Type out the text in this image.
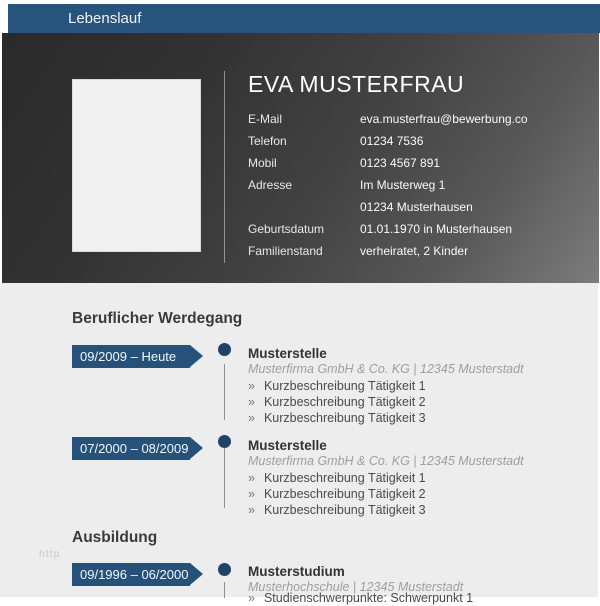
Lebenslauf
EVA MUSTERFRAU
E-Mail	eva.musterfrau@bewerbung.co
Telefon	01234 7536
Mobil	0123 4567 891
Adresse	Im Musterweg 1
01234 Musterhausen
Geburtsdatum	01.01.1970 in Musterhausen
Familienstand	verheiratet, 2 Kinder
Beruflicher Werdegang
09/2009 – Heute	Musterstelle
Musterfirma GmbH & Co. KG | 12345 Musterstadt
» Kurzbeschreibung Tätigkeit 1
» Kurzbeschreibung Tätigkeit 2
» Kurzbeschreibung Tätigkeit 3
07/2000 – 08/2009	Musterstelle
Musterfirma GmbH & Co. KG | 12345 Musterstadt
» Kurzbeschreibung Tätigkeit 1
» Kurzbeschreibung Tätigkeit 2
» Kurzbeschreibung Tätigkeit 3
Ausbildung
09/1996 – 06/2000	Musterstudium
Musterhochschule | 12345 Musterstadt
» Studienschwerpunkte: Schwerpunkt 1
http
